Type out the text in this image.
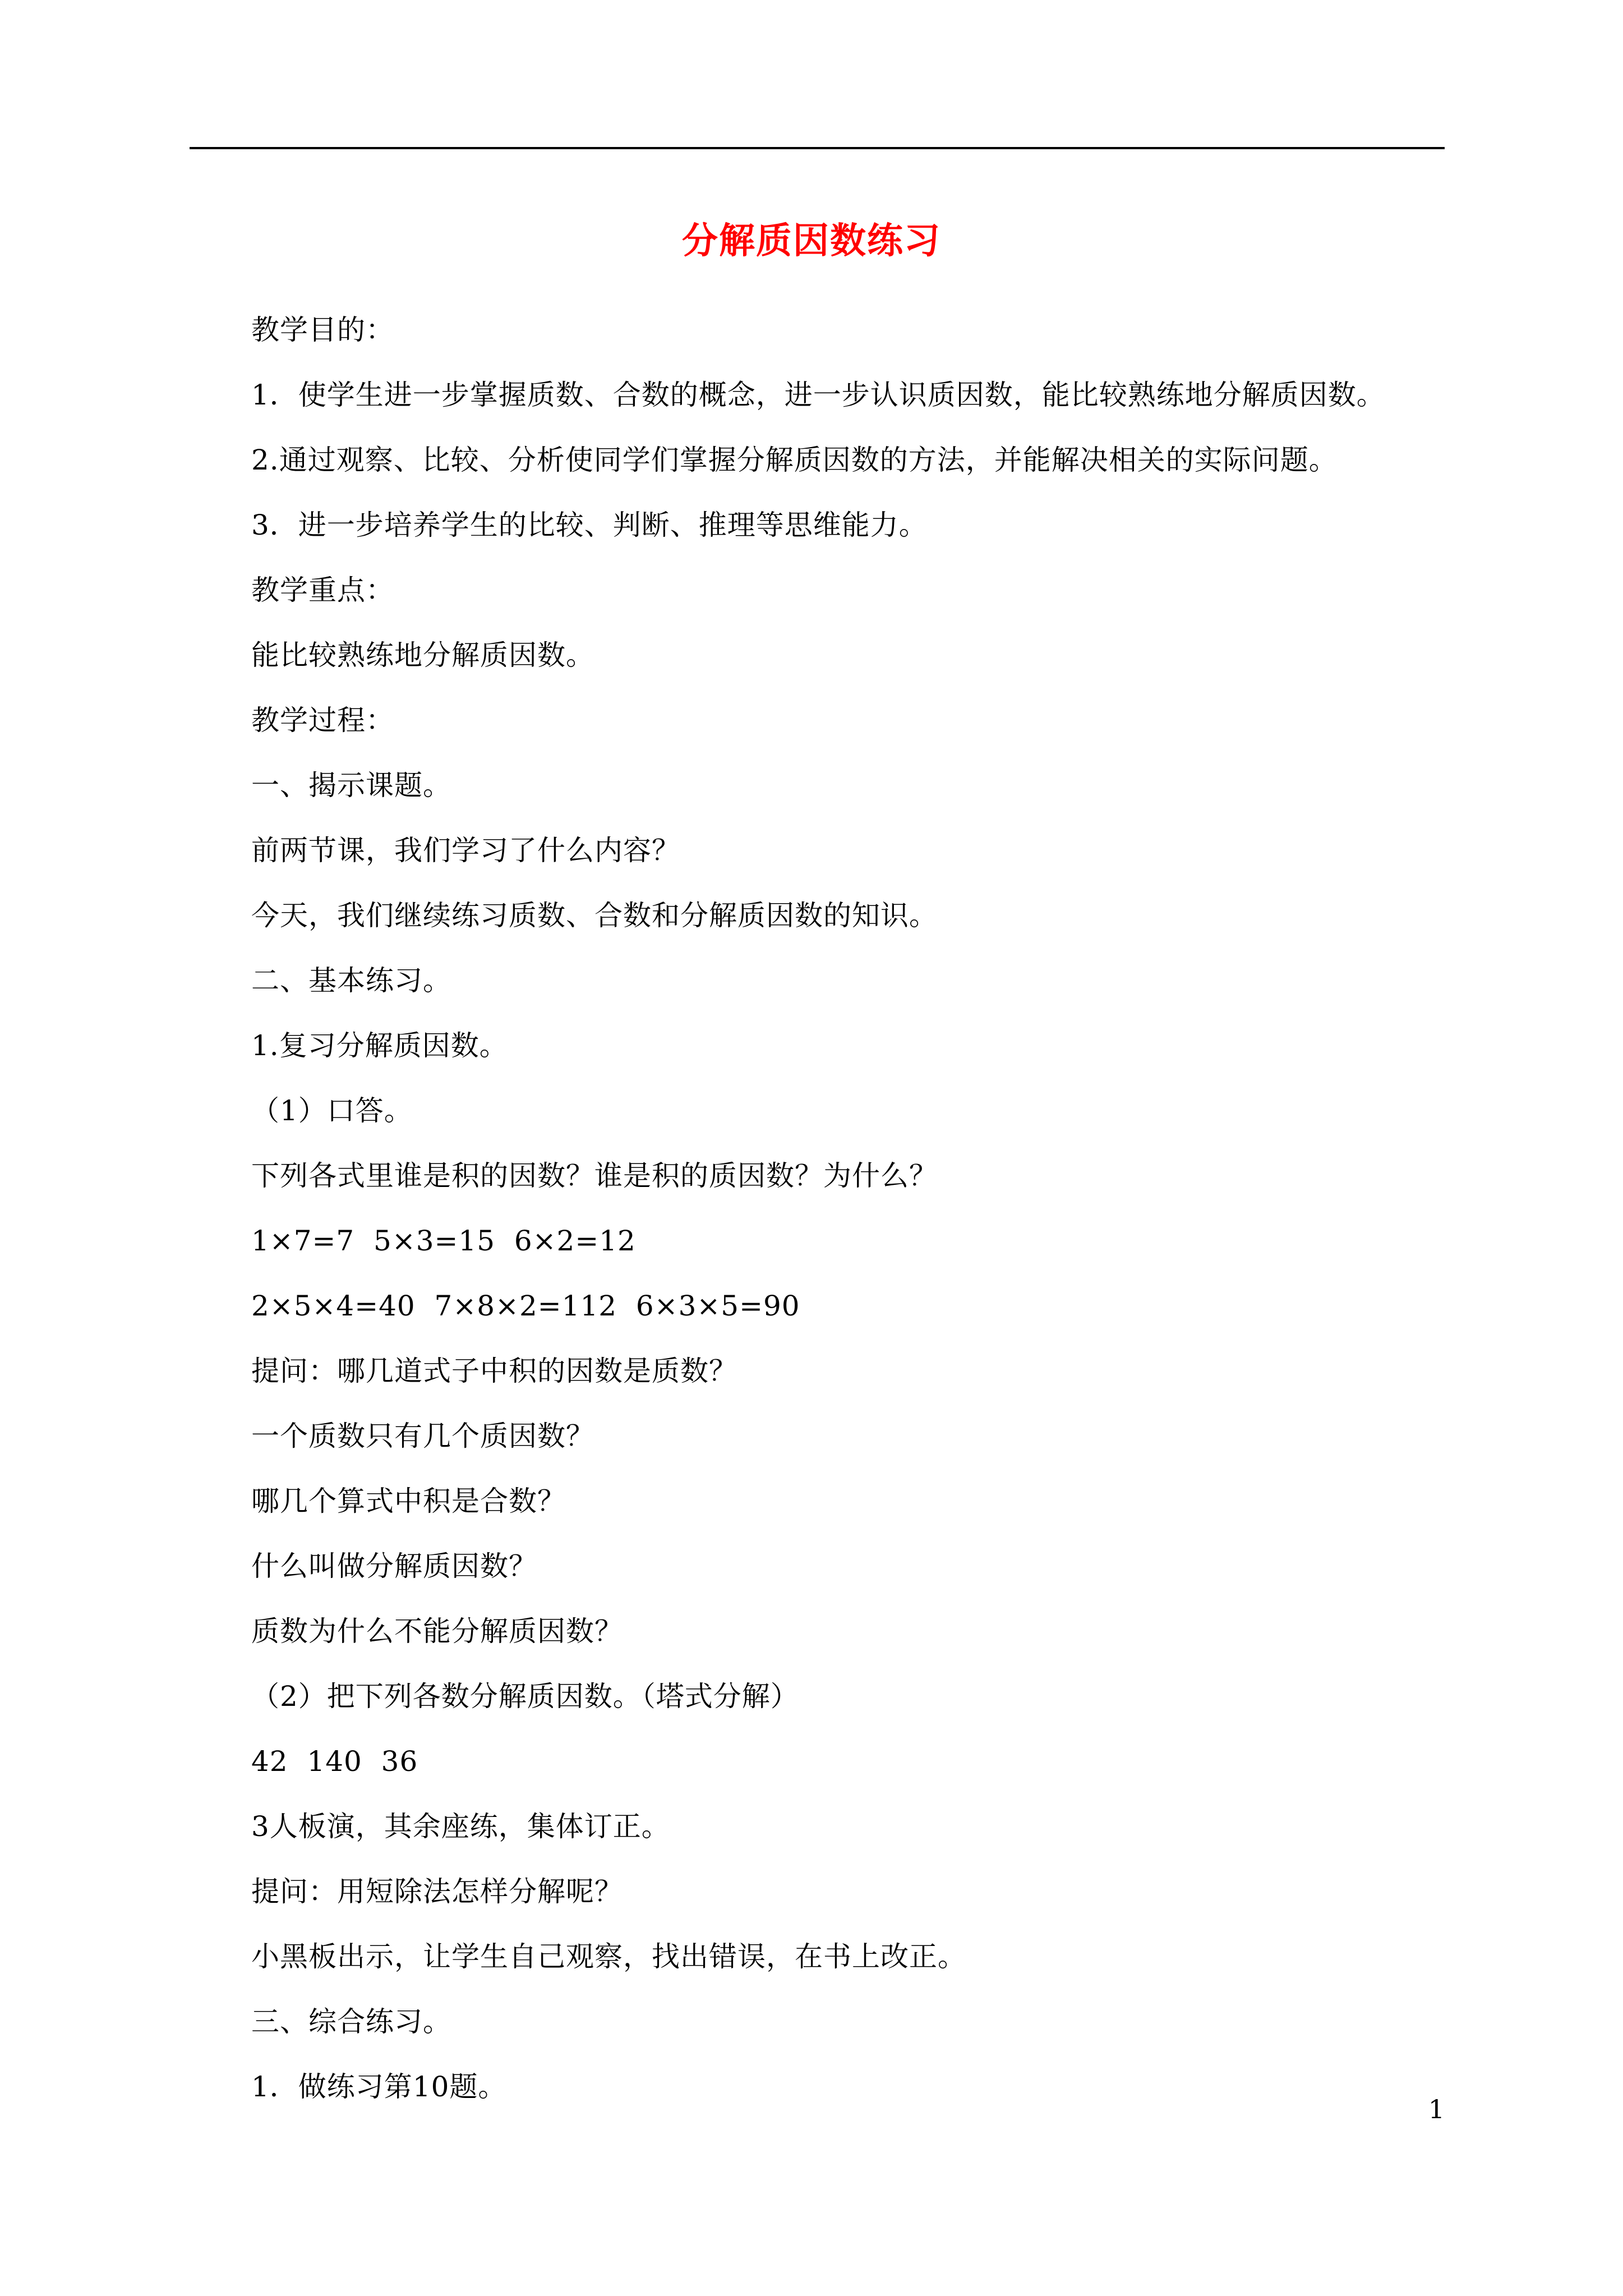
分解质因数练习
教学目的：
1．使学生进一步掌握质数、合数的概念，进一步认识质因数，能比较熟练地分解质因数。
2.通过观察、比较、分析使同学们掌握分解质因数的方法，并能解决相关的实际问题。
3．进一步培养学生的比较、判断、推理等思维能力。
教学重点：
能比较熟练地分解质因数。
教学过程：
一、揭示课题。
前两节课，我们学习了什么内容？
今天，我们继续练习质数、合数和分解质因数的知识。
二、基本练习。
1.复习分解质因数。
（1）口答。
下列各式里谁是积的因数？谁是积的质因数？为什么？
1×7=7  5×3=15  6×2=12
2×5×4=40  7×8×2=112  6×3×5=90
提问：哪几道式子中积的因数是质数？
一个质数只有几个质因数？
哪几个算式中积是合数？
什么叫做分解质因数？
质数为什么不能分解质因数？
（2）把下列各数分解质因数。（塔式分解）
42  140  36
3人板演，其余座练，集体订正。
提问：用短除法怎样分解呢？
小黑板出示，让学生自己观察，找出错误，在书上改正。
三、综合练习。
1．做练习第10题。
1
